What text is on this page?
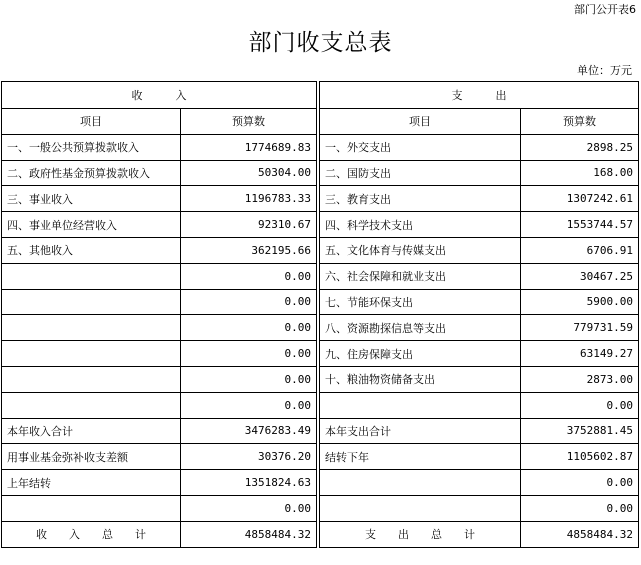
部门公开表6
部门收支总表
单位：万元
收　　　入			支　　　出	
项目	预算数		项目	预算数
一、一般公共预算拨款收入	1774689.83		一、外交支出	2898.25
二、政府性基金预算拨款收入	50304.00		二、国防支出	168.00
三、事业收入	1196783.33		三、教育支出	1307242.61
四、事业单位经营收入	92310.67		四、科学技术支出	1553744.57
五、其他收入	362195.66		五、文化体育与传媒支出	6706.91
	0.00		六、社会保障和就业支出	30467.25
	0.00		七、节能环保支出	5900.00
	0.00		八、资源勘探信息等支出	779731.59
	0.00		九、住房保障支出	63149.27
	0.00		十、粮油物资储备支出	2873.00
	0.00			0.00
本年收入合计	3476283.49		本年支出合计	3752881.45
用事业基金弥补收支差额	30376.20		结转下年	1105602.87
上年结转	1351824.63			0.00
	0.00			0.00
收　　入　　总　　计	4858484.32		支　　出　　总　　计	4858484.32
